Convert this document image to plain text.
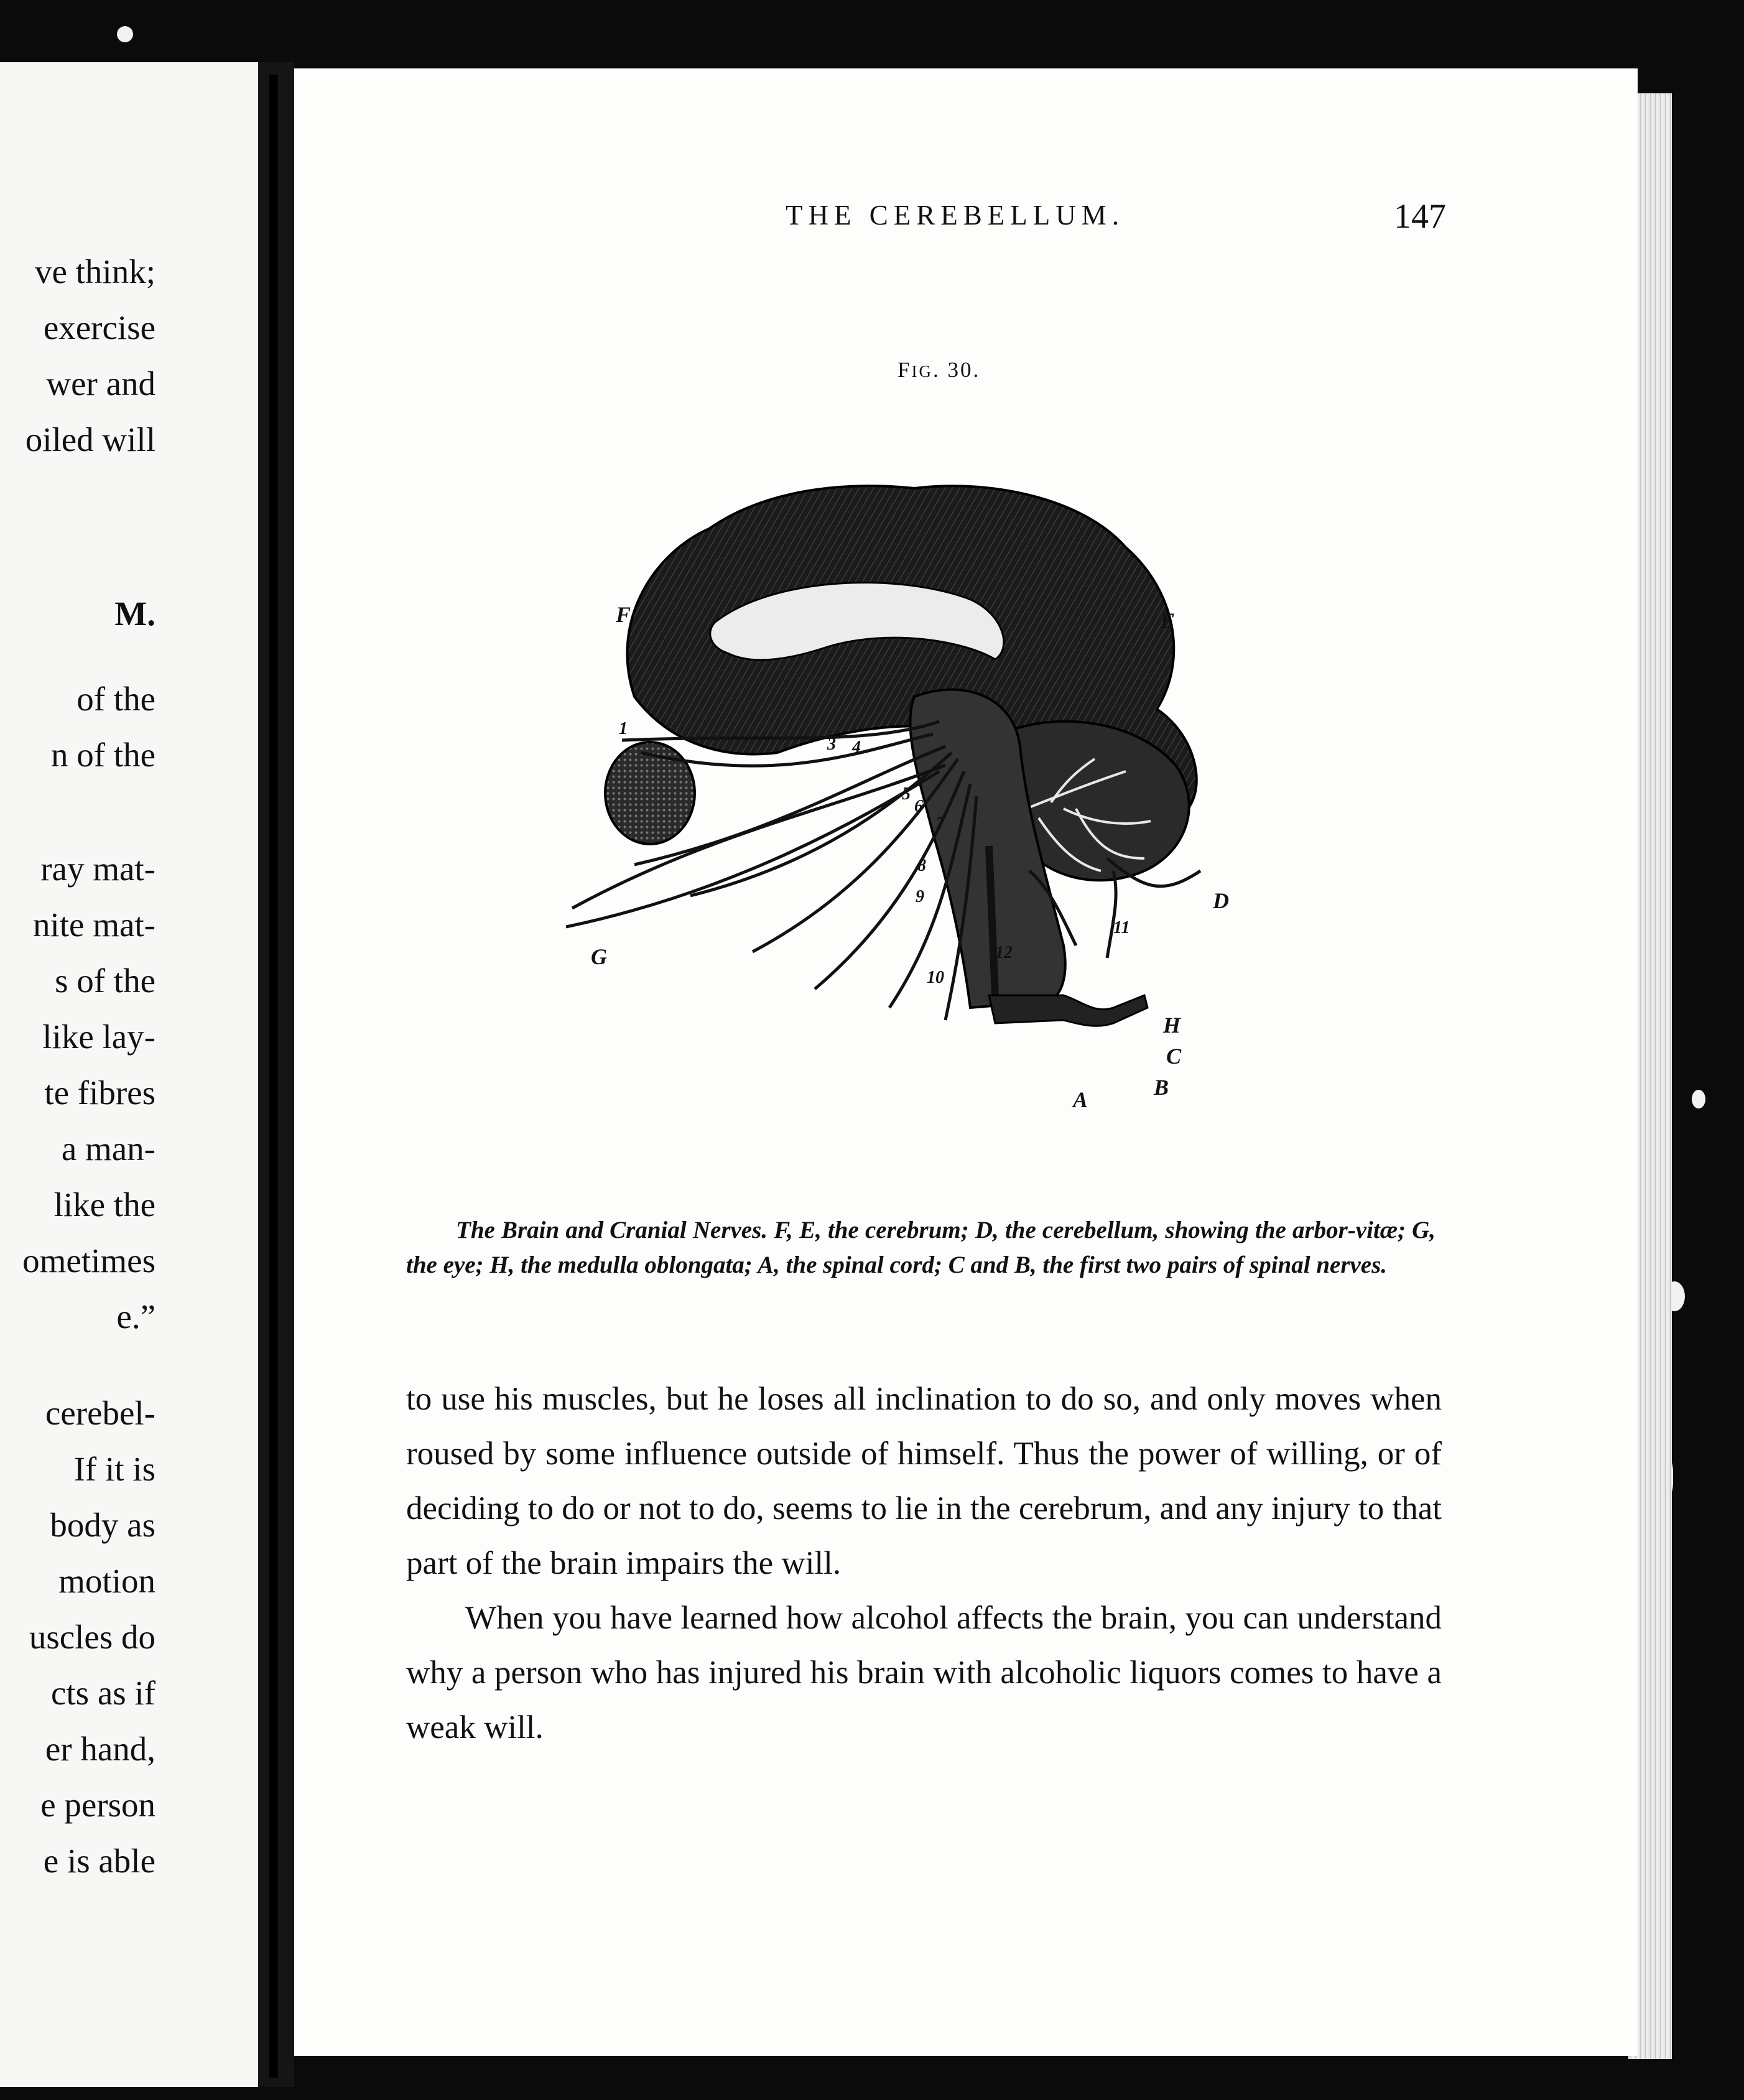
ve think;
exercise
wer and
oiled will
M.
of the
n of the
ray mat-
nite mat-
s of the
like lay-
te fibres
a man-
like the
ometimes
e.”
cerebel-
If it is
body as
motion
uscles do
cts as if
er hand,
e person
e is able
THE CEREBELLUM.	147
FIG. 30.
F	E
D
G
H
A	B
C
1
3 4
5
6
7
8
9
10
11
12
The Brain and Cranial Nerves. F, E, the cerebrum; D, the cerebellum, showing the arbor-vitæ; G, the eye; H, the medulla oblongata; A, the spinal cord; C and B, the first two pairs of spinal nerves.

to use his muscles, but he loses all inclination to do so, and only moves when roused by some influence outside of himself. Thus the power of willing, or of deciding to do or not to do, seems to lie in the cerebrum, and any injury to that part of the brain impairs the will.

When you have learned how alcohol affects the brain, you can understand why a person who has injured his brain with alcoholic liquors comes to have a weak will.
